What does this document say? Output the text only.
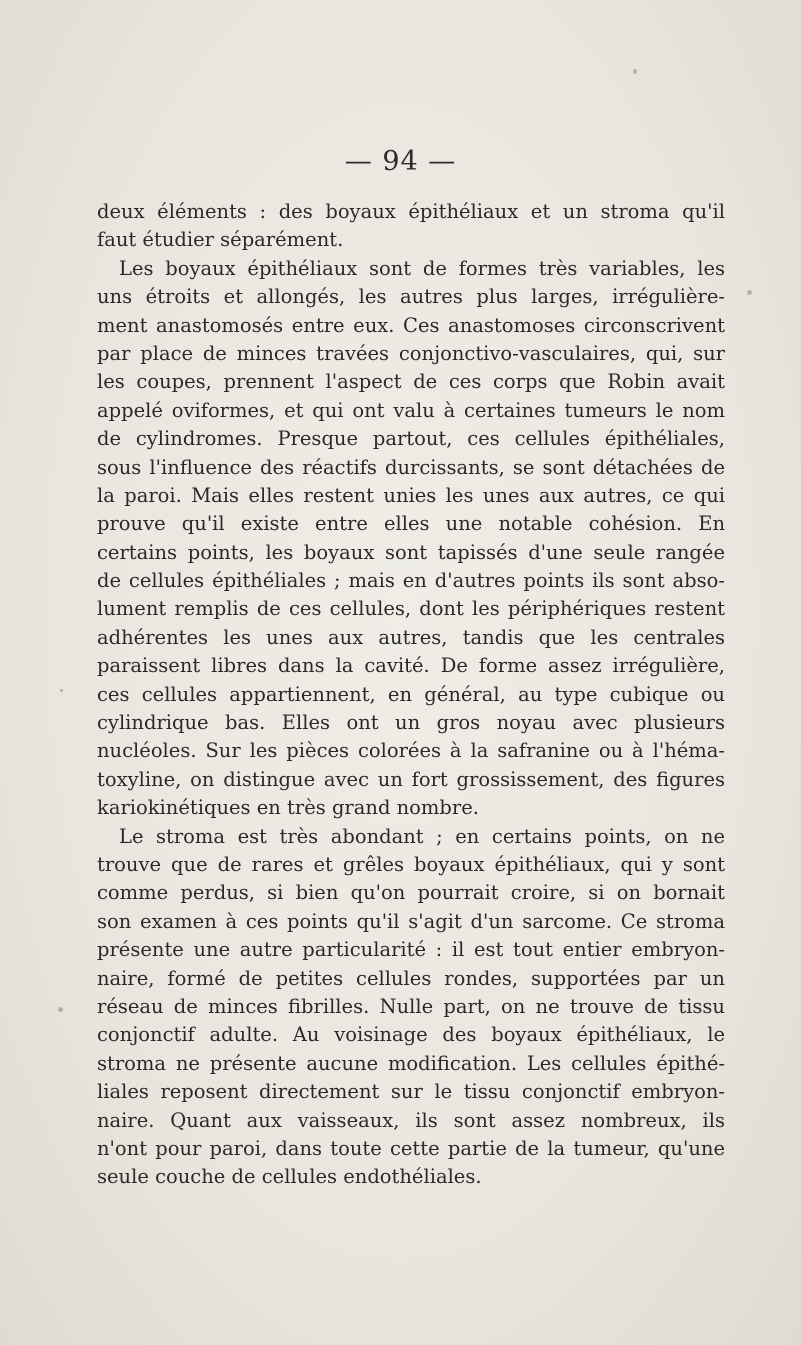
— 94 —
deux éléments : des boyaux épithéliaux et un stroma qu'il
faut étudier séparément.
Les boyaux épithéliaux sont de formes très variables, les
uns étroits et allongés, les autres plus larges, irrégulière-
ment anastomosés entre eux. Ces anastomoses circonscrivent
par place de minces travées conjonctivo-vasculaires, qui, sur
les coupes, prennent l'aspect de ces corps que Robin avait
appelé oviformes, et qui ont valu à certaines tumeurs le nom
de cylindromes. Presque partout, ces cellules épithéliales,
sous l'influence des réactifs durcissants, se sont détachées de
la paroi. Mais elles restent unies les unes aux autres, ce qui
prouve qu'il existe entre elles une notable cohésion. En
certains points, les boyaux sont tapissés d'une seule rangée
de cellules épithéliales ; mais en d'autres points ils sont abso-
lument remplis de ces cellules, dont les périphériques restent
adhérentes les unes aux autres, tandis que les centrales
paraissent libres dans la cavité. De forme assez irrégulière,
ces cellules appartiennent, en général, au type cubique ou
cylindrique bas. Elles ont un gros noyau avec plusieurs
nucléoles. Sur les pièces colorées à la safranine ou à l'héma-
toxyline, on distingue avec un fort grossissement, des figures
kariokinétiques en très grand nombre.
Le stroma est très abondant ; en certains points, on ne
trouve que de rares et grêles boyaux épithéliaux, qui y sont
comme perdus, si bien qu'on pourrait croire, si on bornait
son examen à ces points qu'il s'agit d'un sarcome. Ce stroma
présente une autre particularité : il est tout entier embryon-
naire, formé de petites cellules rondes, supportées par un
réseau de minces fibrilles. Nulle part, on ne trouve de tissu
conjonctif adulte. Au voisinage des boyaux épithéliaux, le
stroma ne présente aucune modification. Les cellules épithé-
liales reposent directement sur le tissu conjonctif embryon-
naire. Quant aux vaisseaux, ils sont assez nombreux, ils
n'ont pour paroi, dans toute cette partie de la tumeur, qu'une
seule couche de cellules endothéliales.
